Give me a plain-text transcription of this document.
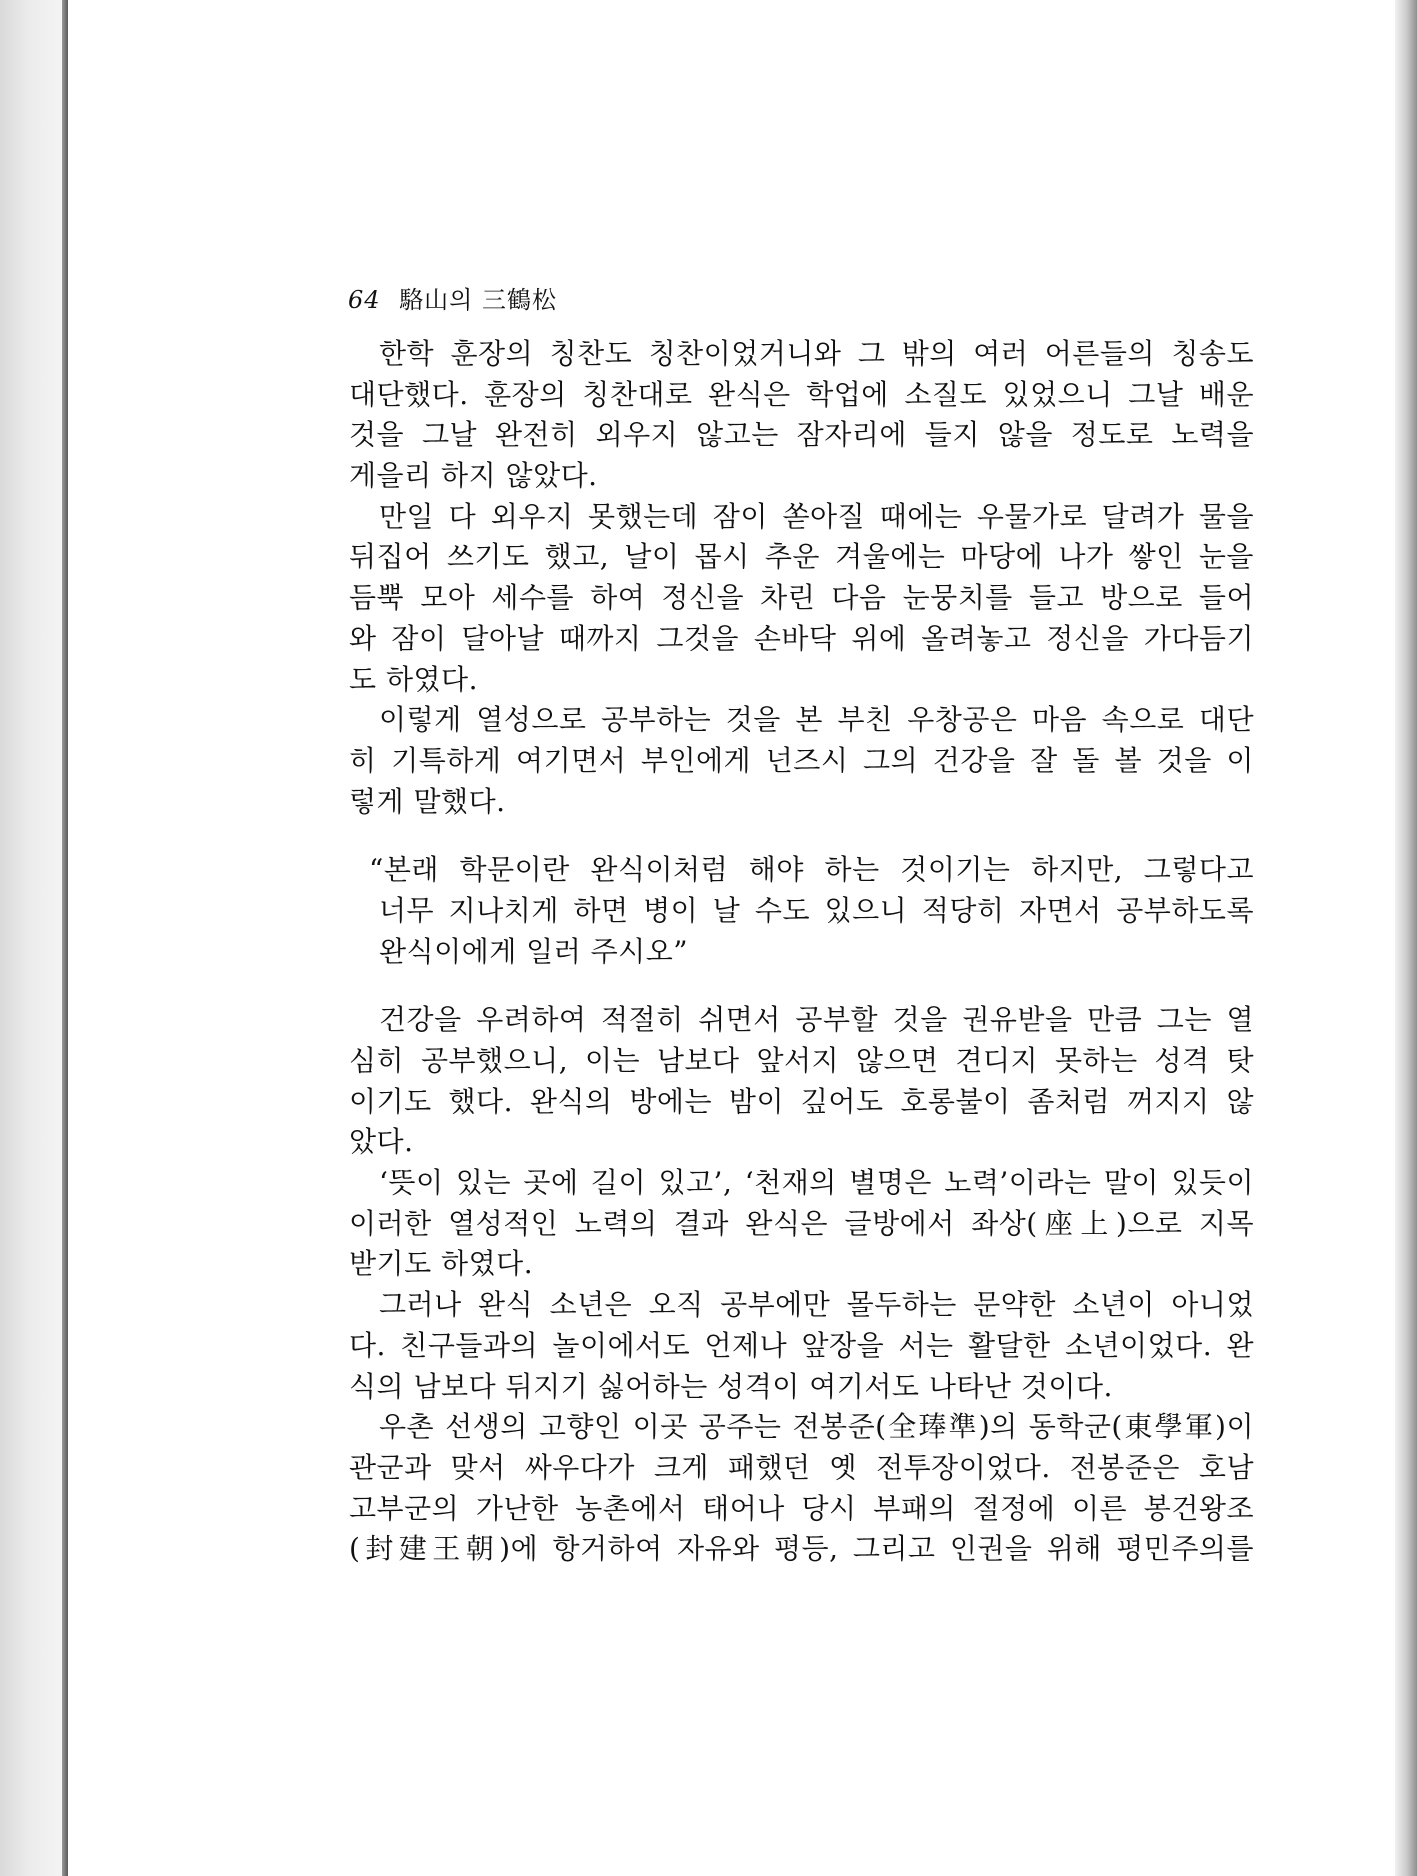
64 駱山의 三鶴松
한학 훈장의 칭찬도 칭찬이었거니와 그 밖의 여러 어른들의 칭송도
대단했다. 훈장의 칭찬대로 완식은 학업에 소질도 있었으니 그날 배운
것을 그날 완전히 외우지 않고는 잠자리에 들지 않을 정도로 노력을
게을리 하지 않았다.
만일 다 외우지 못했는데 잠이 쏟아질 때에는 우물가로 달려가 물을
뒤집어 쓰기도 했고, 날이 몹시 추운 겨울에는 마당에 나가 쌓인 눈을
듬뿍 모아 세수를 하여 정신을 차린 다음 눈뭉치를 들고 방으로 들어
와 잠이 달아날 때까지 그것을 손바닥 위에 올려놓고 정신을 가다듬기
도 하였다.
이렇게 열성으로 공부하는 것을 본 부친 우창공은 마음 속으로 대단
히 기특하게 여기면서 부인에게 넌즈시 그의 건강을 잘 돌 볼 것을 이
렇게 말했다.
“본래 학문이란 완식이처럼 해야 하는 것이기는 하지만, 그렇다고
너무 지나치게 하면 병이 날 수도 있으니 적당히 자면서 공부하도록
완식이에게 일러 주시오”
건강을 우려하여 적절히 쉬면서 공부할 것을 권유받을 만큼 그는 열
심히 공부했으니, 이는 남보다 앞서지 않으면 견디지 못하는 성격 탓
이기도 했다. 완식의 방에는 밤이 깊어도 호롱불이 좀처럼 꺼지지 않
았다.
‘뜻이 있는 곳에 길이 있고’, ‘천재의 별명은 노력’이라는 말이 있듯이
이러한 열성적인 노력의 결과 완식은 글방에서 좌상(座上)으로 지목
받기도 하였다.
그러나 완식 소년은 오직 공부에만 몰두하는 문약한 소년이 아니었
다. 친구들과의 놀이에서도 언제나 앞장을 서는 활달한 소년이었다. 완
식의 남보다 뒤지기 싫어하는 성격이 여기서도 나타난 것이다.
우촌 선생의 고향인 이곳 공주는 전봉준(全琫準)의 동학군(東學軍)이
관군과 맞서 싸우다가 크게 패했던 옛 전투장이었다. 전봉준은 호남
고부군의 가난한 농촌에서 태어나 당시 부패의 절정에 이른 봉건왕조
(封建王朝)에 항거하여 자유와 평등, 그리고 인권을 위해 평민주의를
